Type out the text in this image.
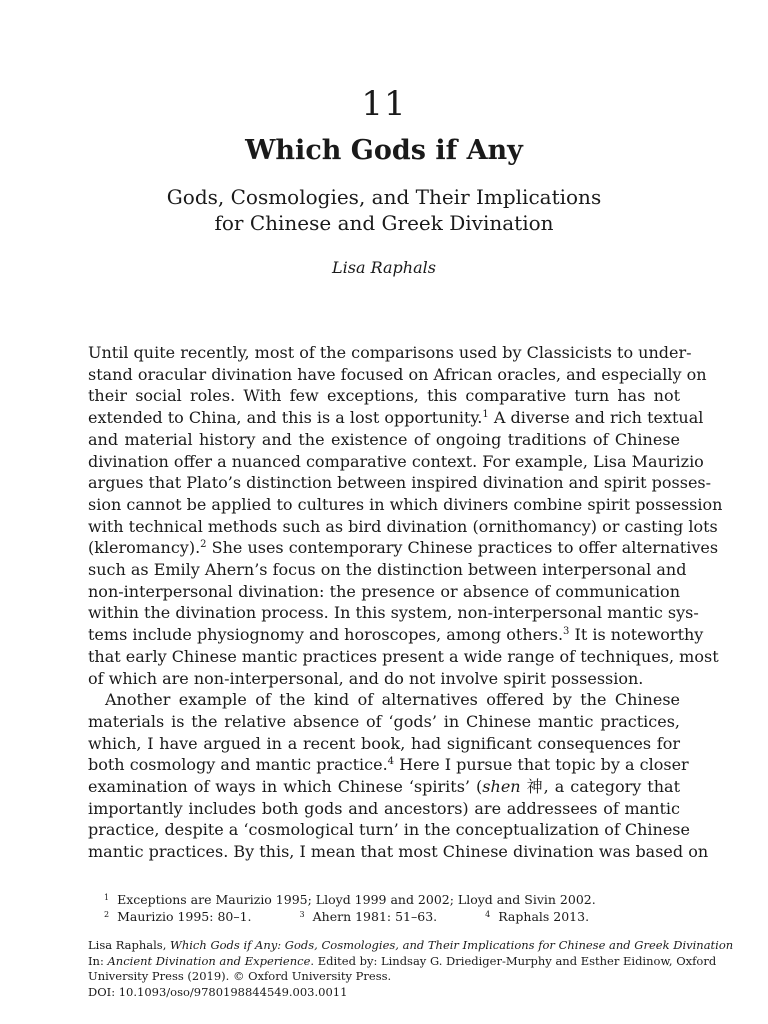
11
Which Gods if Any
Gods, Cosmologies, and Their Implications
for Chinese and Greek Divination
Lisa Raphals
Until quite recently, most of the comparisons used by Classicists to under-
stand oracular divination have focused on African oracles, and especially on
their social roles. With few exceptions, this comparative turn has not
extended to China, and this is a lost opportunity.$^1$ A diverse and rich textual
and material history and the existence of ongoing traditions of Chinese
divination offer a nuanced comparative context. For example, Lisa Maurizio
argues that Plato’s distinction between inspired divination and spirit posses-
sion cannot be applied to cultures in which diviners combine spirit possession
with technical methods such as bird divination (ornithomancy) or casting lots
(kleromancy).$^2$ She uses contemporary Chinese practices to offer alternatives
such as Emily Ahern’s focus on the distinction between interpersonal and
non-interpersonal divination: the presence or absence of communication
within the divination process. In this system, non-interpersonal mantic sys-
tems include physiognomy and horoscopes, among others.$^3$ It is noteworthy
that early Chinese mantic practices present a wide range of techniques, most
of which are non-interpersonal, and do not involve spirit possession.
Another example of the kind of alternatives offered by the Chinese
materials is the relative absence of ‘gods’ in Chinese mantic practices,
which, I have argued in a recent book, had significant consequences for
both cosmology and mantic practice.$^4$ Here I pursue that topic by a closer
examination of ways in which Chinese ‘spirits’ (shen 神, a category that
importantly includes both gods and ancestors) are addressees of mantic
practice, despite a ‘cosmological turn’ in the conceptualization of Chinese
mantic practices. By this, I mean that most Chinese divination was based on
$^1$ Exceptions are Maurizio 1995; Lloyd 1999 and 2002; Lloyd and Sivin 2002.
$^2$ Maurizio 1995: 80–1.	$^3$ Ahern 1981: 51–63.	$^4$ Raphals 2013.
Lisa Raphals, Which Gods if Any: Gods, Cosmologies, and Their Implications for Chinese and Greek Divination
In: Ancient Divination and Experience. Edited by: Lindsay G. Driediger-Murphy and Esther Eidinow, Oxford
University Press (2019). © Oxford University Press.
DOI: 10.1093/oso/9780198844549.003.0011
